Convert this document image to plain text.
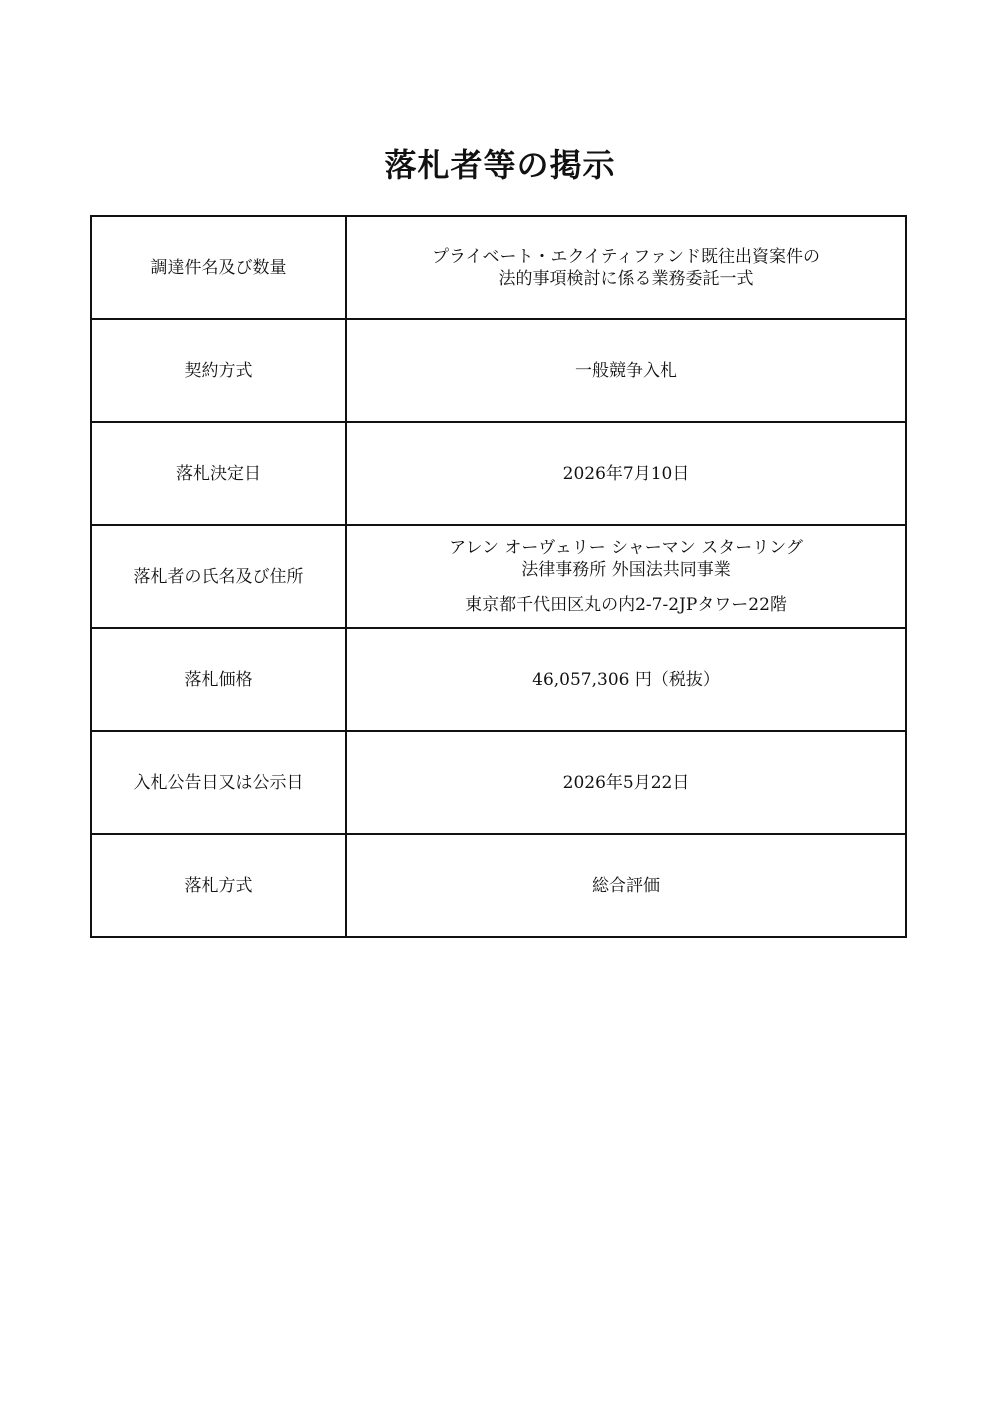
落札者等の掲示
調達件名及び数量	プライベート・エクイティファンド既往出資案件の
法的事項検討に係る業務委託一式

契約方式	一般競争入札

落札決定日	2026年7月10日

落札者の氏名及び住所	アレン オーヴェリー シャーマン スターリング
法律事務所 外国法共同事業
東京都千代田区丸の内2-7-2JPタワー22階

落札価格	46,057,306 円（税抜）

入札公告日又は公示日	2026年5月22日

落札方式	総合評価
